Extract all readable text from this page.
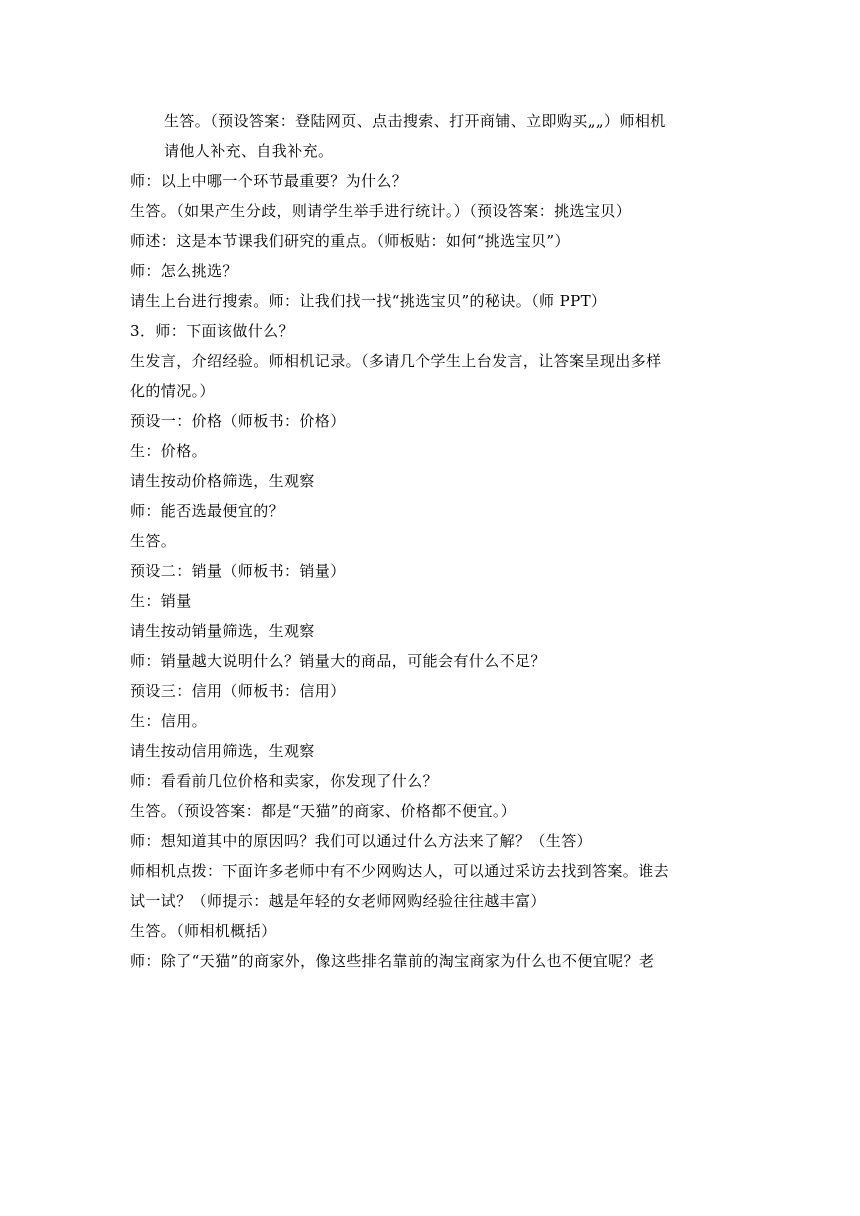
生答。（预设答案：登陆网页、点击搜索、打开商铺、立即购买„„）师相机
请他人补充、自我补充。
师：以上中哪一个环节最重要？为什么？
生答。（如果产生分歧，则请学生举手进行统计。）（预设答案：挑选宝贝）
师述：这是本节课我们研究的重点。（师板贴：如何“挑选宝贝”）
师：怎么挑选？
请生上台进行搜索。师：让我们找一找“挑选宝贝”的秘诀。（师 PPT）
3．师：下面该做什么？
生发言，介绍经验。师相机记录。（多请几个学生上台发言，让答案呈现出多样
化的情况。）
预设一：价格（师板书：价格）
生：价格。
请生按动价格筛选，生观察
师：能否选最便宜的？
生答。
预设二：销量（师板书：销量）
生：销量
请生按动销量筛选，生观察
师：销量越大说明什么？销量大的商品，可能会有什么不足？
预设三：信用（师板书：信用）
生：信用。
请生按动信用筛选，生观察
师：看看前几位价格和卖家，你发现了什么？
生答。（预设答案：都是“天猫”的商家、价格都不便宜。）
师：想知道其中的原因吗？我们可以通过什么方法来了解？（生答）
师相机点拨：下面许多老师中有不少网购达人，可以通过采访去找到答案。谁去
试一试？（师提示：越是年轻的女老师网购经验往往越丰富）
生答。（师相机概括）
师：除了“天猫”的商家外，像这些排名靠前的淘宝商家为什么也不便宜呢？老
